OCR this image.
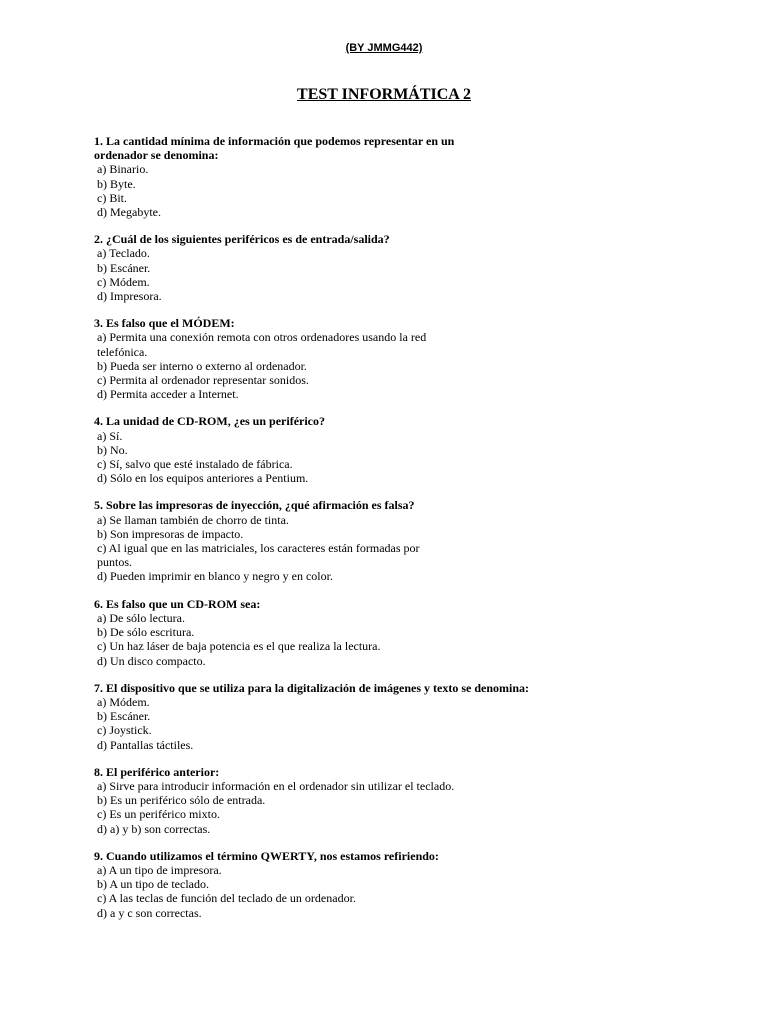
(BY JMMG442)
TEST INFORMÁTICA 2
1. La cantidad mínima de información que podemos representar en un ordenador se denomina:
a) Binario.
b) Byte.
c) Bit.
d) Megabyte.
2. ¿Cuál de los siguientes periféricos es de entrada/salida?
a) Teclado.
b) Escáner.
c) Módem.
d) Impresora.
3. Es falso que el MÓDEM:
a) Permita una conexión remota con otros ordenadores usando la red telefónica.
b) Pueda ser interno o externo al ordenador.
c) Permita al ordenador representar sonidos.
d) Permita acceder a Internet.
4. La unidad de CD-ROM, ¿es un periférico?
a) Sí.
b) No.
c) Sí, salvo que esté instalado de fábrica.
d) Sólo en los equipos anteriores a Pentium.
5. Sobre las impresoras de inyección, ¿qué afirmación es falsa?
a) Se llaman también de chorro de tinta.
b) Son impresoras de impacto.
c) Al igual que en las matriciales, los caracteres están formadas por puntos.
d) Pueden imprimir en blanco y negro y en color.
6. Es falso que un CD-ROM sea:
a) De sólo lectura.
b) De sólo escritura.
c) Un haz láser de baja potencia es el que realiza la lectura.
d) Un disco compacto.
7. El dispositivo que se utiliza para la digitalización de imágenes y texto se denomina:
a) Módem.
b) Escáner.
c) Joystick.
d) Pantallas táctiles.
8. El periférico anterior:
a) Sirve para introducir información en el ordenador sin utilizar el teclado.
b) Es un periférico sólo de entrada.
c) Es un periférico mixto.
d) a) y b) son correctas.
9. Cuando utilizamos el término QWERTY, nos estamos refiriendo:
a) A un tipo de impresora.
b) A un tipo de teclado.
c) A las teclas de función del teclado de un ordenador.
d) a y c son correctas.
